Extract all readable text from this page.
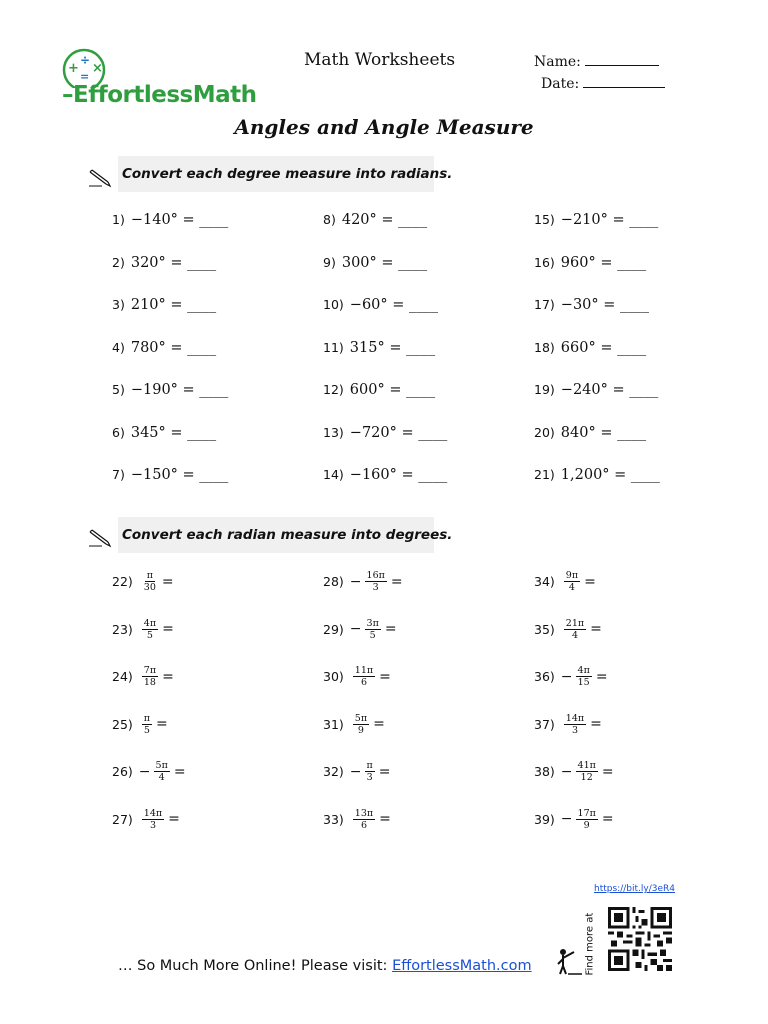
+
÷
×
=
–EffortlessMath
Math Worksheets	Name:
Date:
Angles and Angle Measure
Convert each degree measure into radians.
1) −140° = ____
2) 320° = ____
3) 210° = ____
4) 780° = ____
5) −190° = ____
6) 345° = ____
7) −150° = ____
8) 420° = ____
9) 300° = ____
10) −60° = ____
11) 315° = ____
12) 600° = ____
13) −720° = ____
14) −160° = ____
15) −210° = ____
16) 960° = ____
17) −30° = ____
18) 660° = ____
19) −240° = ____
20) 840° = ____
21) 1,200° = ____
Convert each radian measure into degrees.
$22) \frac{\pi}{30}$ =
$23) \frac{4\pi}{5}$ =
$24) \frac{7\pi}{18}$ =
$25) \frac{\pi}{5}$ =
$26) - \frac{5\pi}{4}$ =
$27) \frac{14\pi}{3}$ =
$28) - \frac{16\pi}{3}$ =
$29) - \frac{3\pi}{5}$ =
$30) \frac{11\pi}{6}$ =
$31) \frac{5\pi}{9}$ =
$32) - \frac{\pi}{3}$ =
$33) \frac{13\pi}{6}$ =
$34) \frac{9\pi}{4}$ =
$35) \frac{21\pi}{4}$ =
$36) - \frac{4\pi}{15}$ =
$37) \frac{14\pi}{3}$ =
$38) - \frac{41\pi}{12}$ =
$39) - \frac{17\pi}{9}$ =
https://bit.ly/3eR4
Find more at
… So Much More Online! Please visit: EffortlessMath.com
